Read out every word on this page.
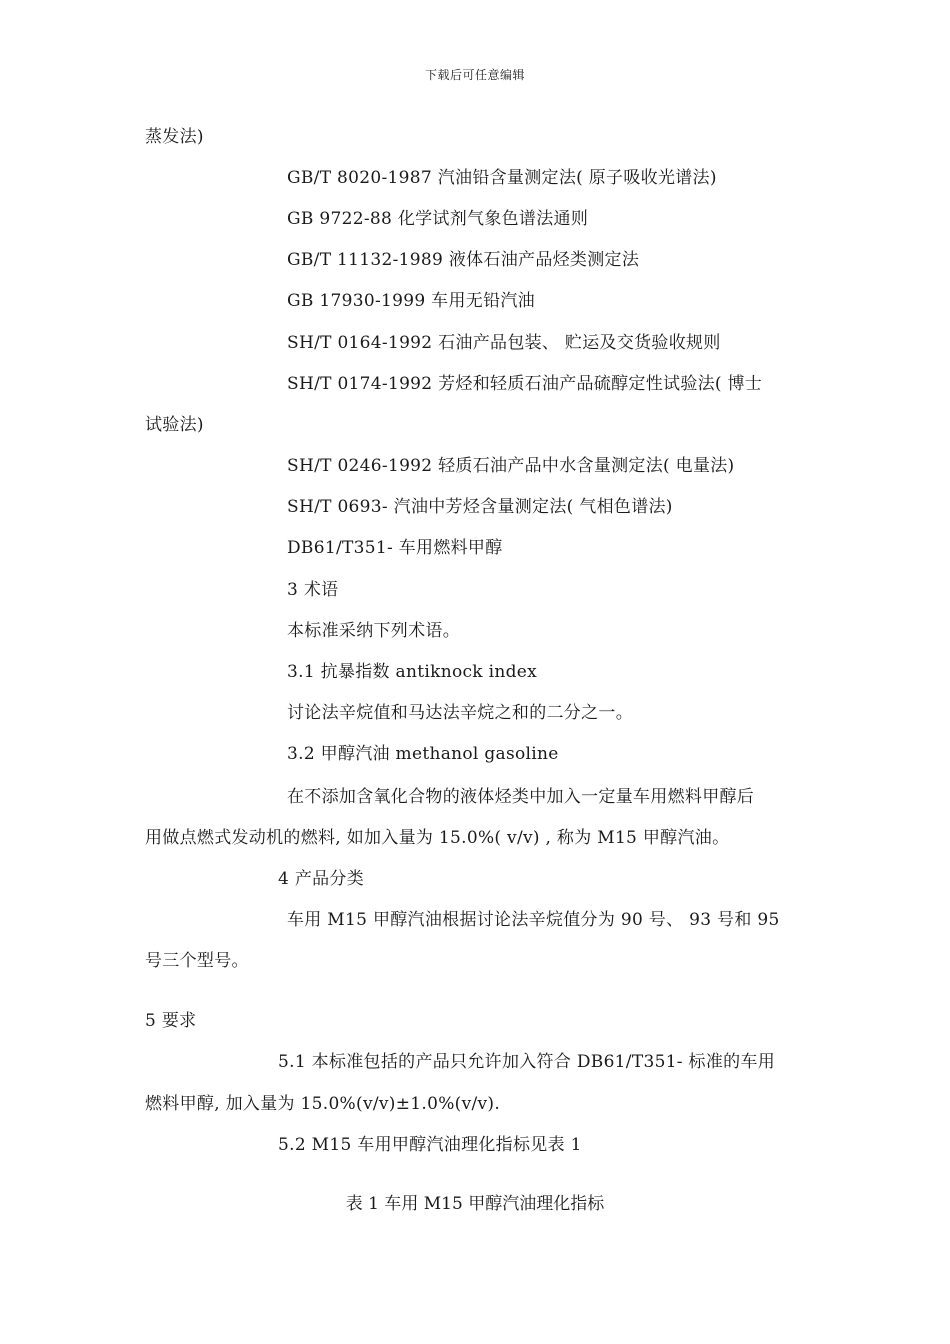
下载后可任意编辑
蒸发法)
GB/T 8020-1987 汽油铅含量测定法( 原子吸收光谱法)
GB 9722-88 化学试剂气象色谱法通则
GB/T 11132-1989 液体石油产品烃类测定法
GB 17930-1999 车用无铅汽油
SH/T 0164-1992 石油产品包装、 贮运及交货验收规则
SH/T 0174-1992 芳烃和轻质石油产品硫醇定性试验法( 博士
试验法)
SH/T 0246-1992 轻质石油产品中水含量测定法( 电量法)
SH/T 0693- 汽油中芳烃含量测定法( 气相色谱法)
DB61/T351- 车用燃料甲醇
3 术语
本标准采纳下列术语。
3.1 抗暴指数 antiknock index
讨论法辛烷值和马达法辛烷之和的二分之一。
3.2 甲醇汽油 methanol gasoline
在不添加含氧化合物的液体烃类中加入一定量车用燃料甲醇后
用做点燃式发动机的燃料, 如加入量为 15.0%( v/v) , 称为 M15 甲醇汽油。
4 产品分类
车用 M15 甲醇汽油根据讨论法辛烷值分为 90 号、 93 号和 95
号三个型号。
5 要求
5.1 本标准包括的产品只允许加入符合 DB61/T351- 标准的车用
燃料甲醇, 加入量为 15.0%(v/v)±1.0%(v/v).
5.2 M15 车用甲醇汽油理化指标见表 1
表 1 车用 M15 甲醇汽油理化指标
